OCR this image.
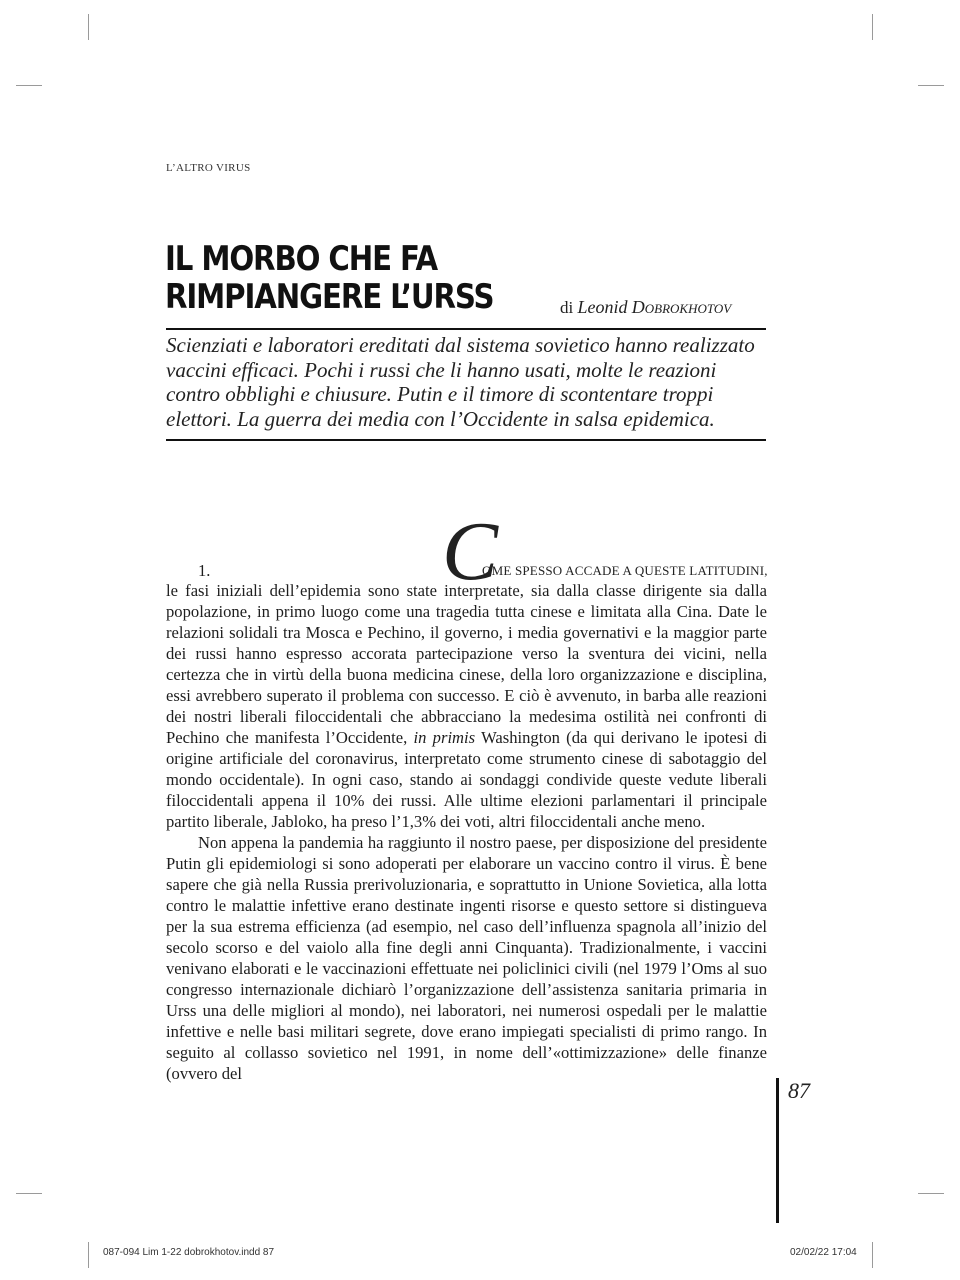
L’ALTRO VIRUS
IL MORBO CHE FA
RIMPIANGERE L’URSS	di Leonid Dobrokhotov
Scienziati e laboratori ereditati dal sistema sovietico hanno realizzato vaccini efficaci. Pochi i russi che li hanno usati, molte le reazioni contro obblighi e chiusure. Putin e il timore di scontentare troppi elettori. La guerra dei media con l’Occidente in salsa epidemica.
1.	C
OME SPESSO ACCADE A QUESTE LATITUDINI,

le fasi iniziali dell’epidemia sono state interpretate, sia dalla classe dirigente sia dalla popolazione, in primo luogo come una tragedia tutta cinese e limitata alla Cina. Date le relazioni solidali tra Mosca e Pechino, il governo, i media governativi e la maggior parte dei russi hanno espresso accorata partecipazione verso la sventura dei vicini, nella certezza che in virtù della buona medicina cinese, della loro organizzazione e disciplina, essi avrebbero superato il problema con successo. E ciò è avvenuto, in barba alle reazioni dei nostri liberali filoccidentali che abbracciano la medesima ostilità nei confronti di Pechino che manifesta l’Occidente, in primis Washington (da qui derivano le ipotesi di origine artificiale del coronavirus, interpretato come strumento cinese di sabotaggio del mondo occidentale). In ogni caso, stando ai sondaggi condivide queste vedute liberali filoccidentali appena il 10% dei russi. Alle ultime elezioni parlamentari il principale partito liberale, Jabloko, ha preso l’1,3% dei voti, altri filoccidentali anche meno.

Non appena la pandemia ha raggiunto il nostro paese, per disposizione del presidente Putin gli epidemiologi si sono adoperati per elaborare un vaccino contro il virus. È bene sapere che già nella Russia prerivoluzionaria, e soprattutto in Unione Sovietica, alla lotta contro le malattie infettive erano destinate ingenti risorse e questo settore si distingueva per la sua estrema efficienza (ad esempio, nel caso dell’influenza spagnola all’inizio del secolo scorso e del vaiolo alla fine degli anni Cinquanta). Tradizionalmente, i vaccini venivano elaborati e le vaccinazioni effettuate nei policlinici civili (nel 1979 l’Oms al suo congresso internazionale dichiarò l’organizzazione dell’assistenza sanitaria primaria in Urss una delle migliori al mondo), nei laboratori, nei numerosi ospedali per le malattie infettive e nelle basi militari segrete, dove erano impiegati specialisti di primo rango. In seguito al collasso sovietico nel 1991, in nome dell’«ottimizzazione» delle finanze (ovvero del

87
087-094 Lim 1-22 dobrokhotov.indd 87	02/02/22 17:04
